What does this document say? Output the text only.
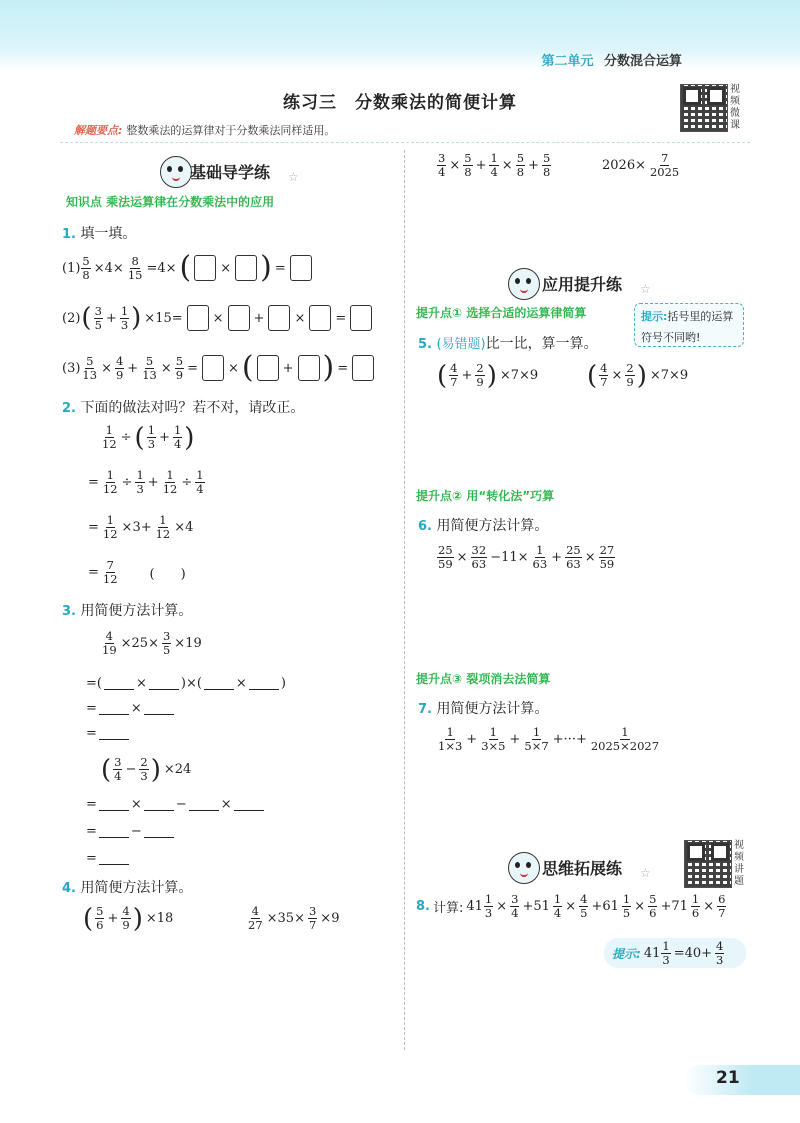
第二单元 分数混合运算
练习三　分数乘法的简便计算
视频微课
解题要点: 整数乘法的运算律对于分数乘法同样适用。
基础导学练 ☆
知识点 乘法运算律在分数乘法中的应用
1. 填一填。
$(1) \frac{5}{8} \times 4\times \frac{8}{15} =4\times$ ( × ) =
(2) ( $\frac{3}{5} + \frac{1}{3}$ ) ×15= × + × =
$(3) \frac{5}{13} \times \frac{4}{9} + \frac{5}{13} \times \frac{5}{9}$ = × ( + ) =
2. 下面的做法对吗？若不对，请改正。
$\frac{1}{12}$ ÷ ( $\frac{1}{3} + \frac{1}{4}$ )
= $\frac{1}{12} \div \frac{1}{3} + \frac{1}{12} \div \frac{1}{4}$
= $\frac{1}{12} \times 3+ \frac{1}{12} \times 4$
= $\frac{7}{12}$ (　　)
3. 用简便方法计算。
$\frac{4}{19} \times 25\times \frac{3}{5} \times 19$
=(	×	)×(	×	)
=	×
=
( $\frac{3}{4} - \frac{2}{3}$ ) ×24
=	×	−	×
=	−
=
4. 用简便方法计算。
( $\frac{5}{6} + \frac{4}{9}$ ) ×18	$\frac{4}{27} \times 35\times \frac{3}{7} \times 9$
$\frac{3}{4} \times \frac{5}{8} + \frac{1}{4} \times \frac{5}{8} + \frac{5}{8}$	$2026\times \frac{7}{2025}$
应用提升练 ☆
提升点① 选择合适的运算律简算	提示:括号里的运算符号不同哟!
5. (易错题)比一比，算一算。
( $\frac{4}{7} + \frac{2}{9}$ ) ×7×9 ( $\frac{4}{7} \times \frac{2}{9}$ ) ×7×9
提升点② 用“转化法”巧算
6. 用简便方法计算。
$\frac{25}{59} \times \frac{32}{63} -11\times \frac{1}{63} + \frac{25}{63} \times \frac{27}{59}$
提升点③ 裂项消去法简算
7. 用简便方法计算。
$\frac{1}{1\times 3} + \frac{1}{3\times 5} + \frac{1}{5\times 7}$ +···+ $\frac{1}{2025\times 2027}$
视频讲题
思维拓展练 ☆
8. 计算: $41 \frac{1}{3} \times \frac{3}{4} +51 \frac{1}{4} \times \frac{4}{5} +61 \frac{1}{5} \times \frac{5}{6} +71 \frac{1}{6} \times \frac{6}{7}$
提示: $41 \frac{1}{3} =40+ \frac{4}{3}$
21
